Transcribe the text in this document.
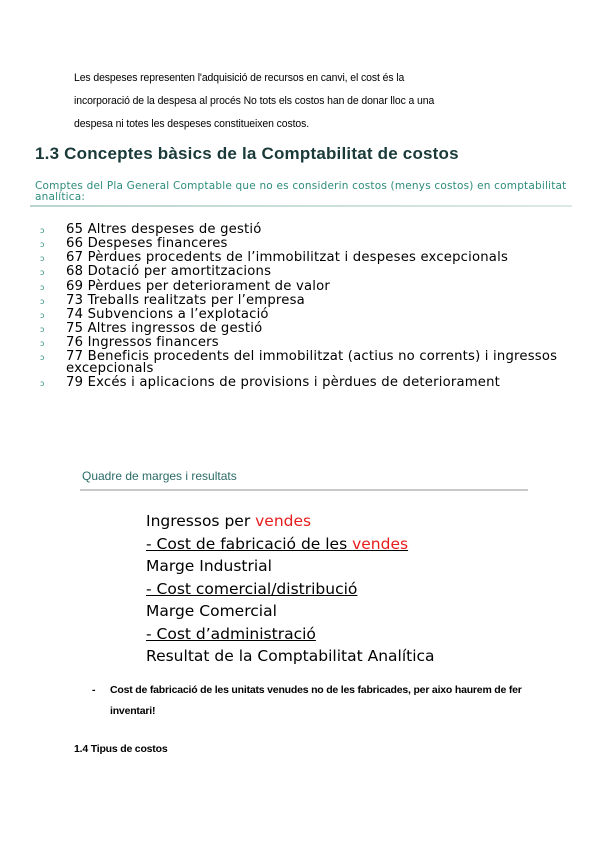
Les despeses representen l'adquisició de recursos en canvi, el cost és la

incorporació de la despesa al procés No tots els costos han de donar lloc a una

despesa ni totes les despeses constitueixen costos.

1.3 Conceptes bàsics de la Comptabilitat de costos
Comptes del Pla General Comptable que no es considerin costos (menys costos) en comptabilitat analítica:
ↄ 65 Altres despeses de gestió
ↄ 66 Despeses financeres
ↄ 67 Pèrdues procedents de l’immobilitzat i despeses excepcionals
ↄ 68 Dotació per amortitzacions
ↄ 69 Pèrdues per deteriorament de valor
ↄ 73 Treballs realitzats per l’empresa
ↄ 74 Subvencions a l’explotació
ↄ 75 Altres ingressos de gestió
ↄ 76 Ingressos financers
ↄ 77 Beneficis procedents del immobilitzat (actius no corrents) i ingressos excepcionals
ↄ 79 Excés i aplicacions de provisions i pèrdues de deteriorament
Quadre de marges i resultats
Ingressos per vendes
- Cost de fabricació de les vendes
Marge Industrial
- Cost comercial/distribució
Marge Comercial
- Cost d’administració
Resultat de la Comptabilitat Analítica
-	Cost de fabricació de les unitats venudes no de les fabricades, per aixo haurem de fer inventari!
1.4 Tipus de costos
